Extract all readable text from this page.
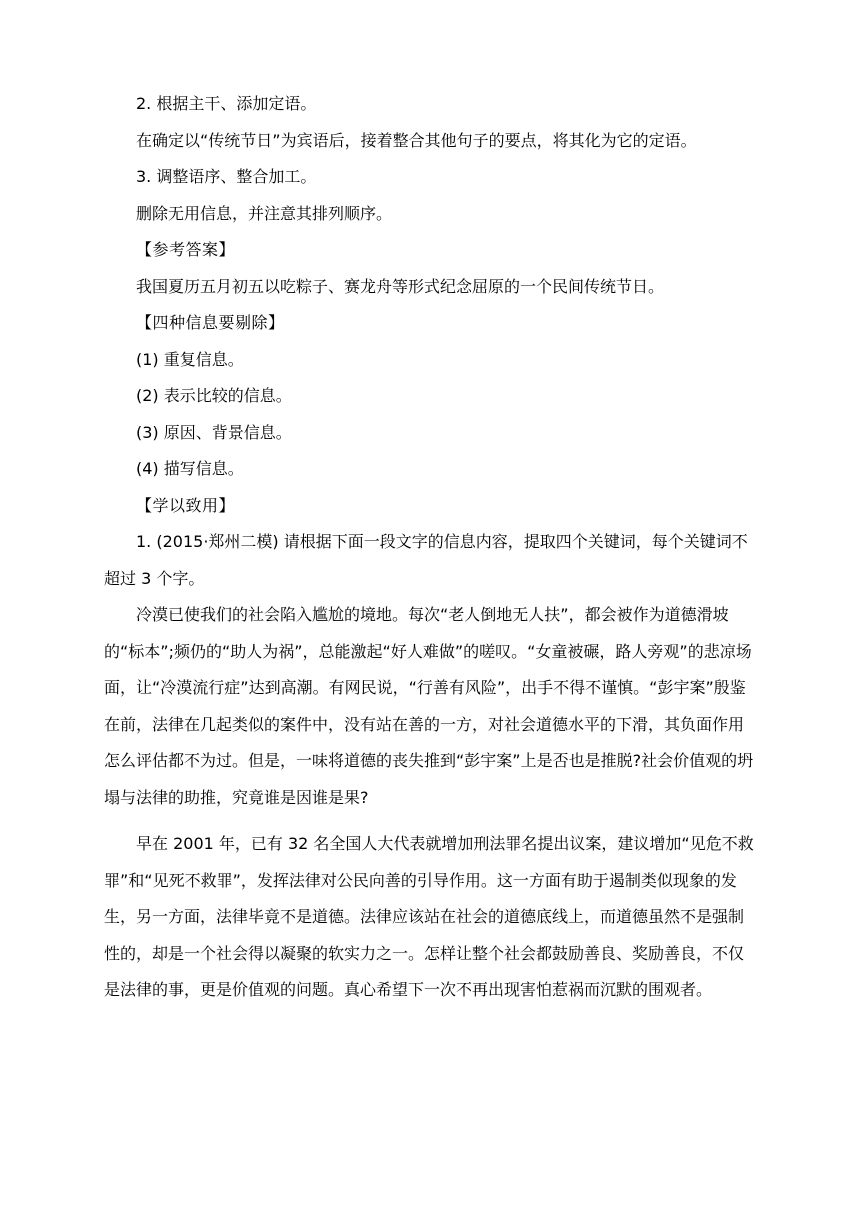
2. 根据主干、添加定语。

在确定以“传统节日”为宾语后，接着整合其他句子的要点，将其化为它的定语。

3. 调整语序、整合加工。

删除无用信息，并注意其排列顺序。

【参考答案】

我国夏历五月初五以吃粽子、赛龙舟等形式纪念屈原的一个民间传统节日。

【四种信息要剔除】

(1) 重复信息。

(2) 表示比较的信息。

(3) 原因、背景信息。

(4) 描写信息。

【学以致用】

1. (2015·郑州二模) 请根据下面一段文字的信息内容，提取四个关键词，每个关键词不超过 3 个字。

冷漠已使我们的社会陷入尴尬的境地。每次“老人倒地无人扶”，都会被作为道德滑坡的“标本”;频仍的“助人为祸”，总能激起“好人难做”的嗟叹。“女童被碾，路人旁观”的悲凉场面，让“冷漠流行症”达到高潮。有网民说，“行善有风险”，出手不得不谨慎。“彭宇案”殷鉴在前，法律在几起类似的案件中，没有站在善的一方，对社会道德水平的下滑，其负面作用怎么评估都不为过。但是，一味将道德的丧失推到“彭宇案”上是否也是推脱?社会价值观的坍塌与法律的助推，究竟谁是因谁是果?

早在 2001 年，已有 32 名全国人大代表就增加刑法罪名提出议案，建议增加“见危不救罪”和“见死不救罪”，发挥法律对公民向善的引导作用。这一方面有助于遏制类似现象的发生，另一方面，法律毕竟不是道德。法律应该站在社会的道德底线上，而道德虽然不是强制性的，却是一个社会得以凝聚的软实力之一。怎样让整个社会都鼓励善良、奖励善良，不仅是法律的事，更是价值观的问题。真心希望下一次不再出现害怕惹祸而沉默的围观者。
